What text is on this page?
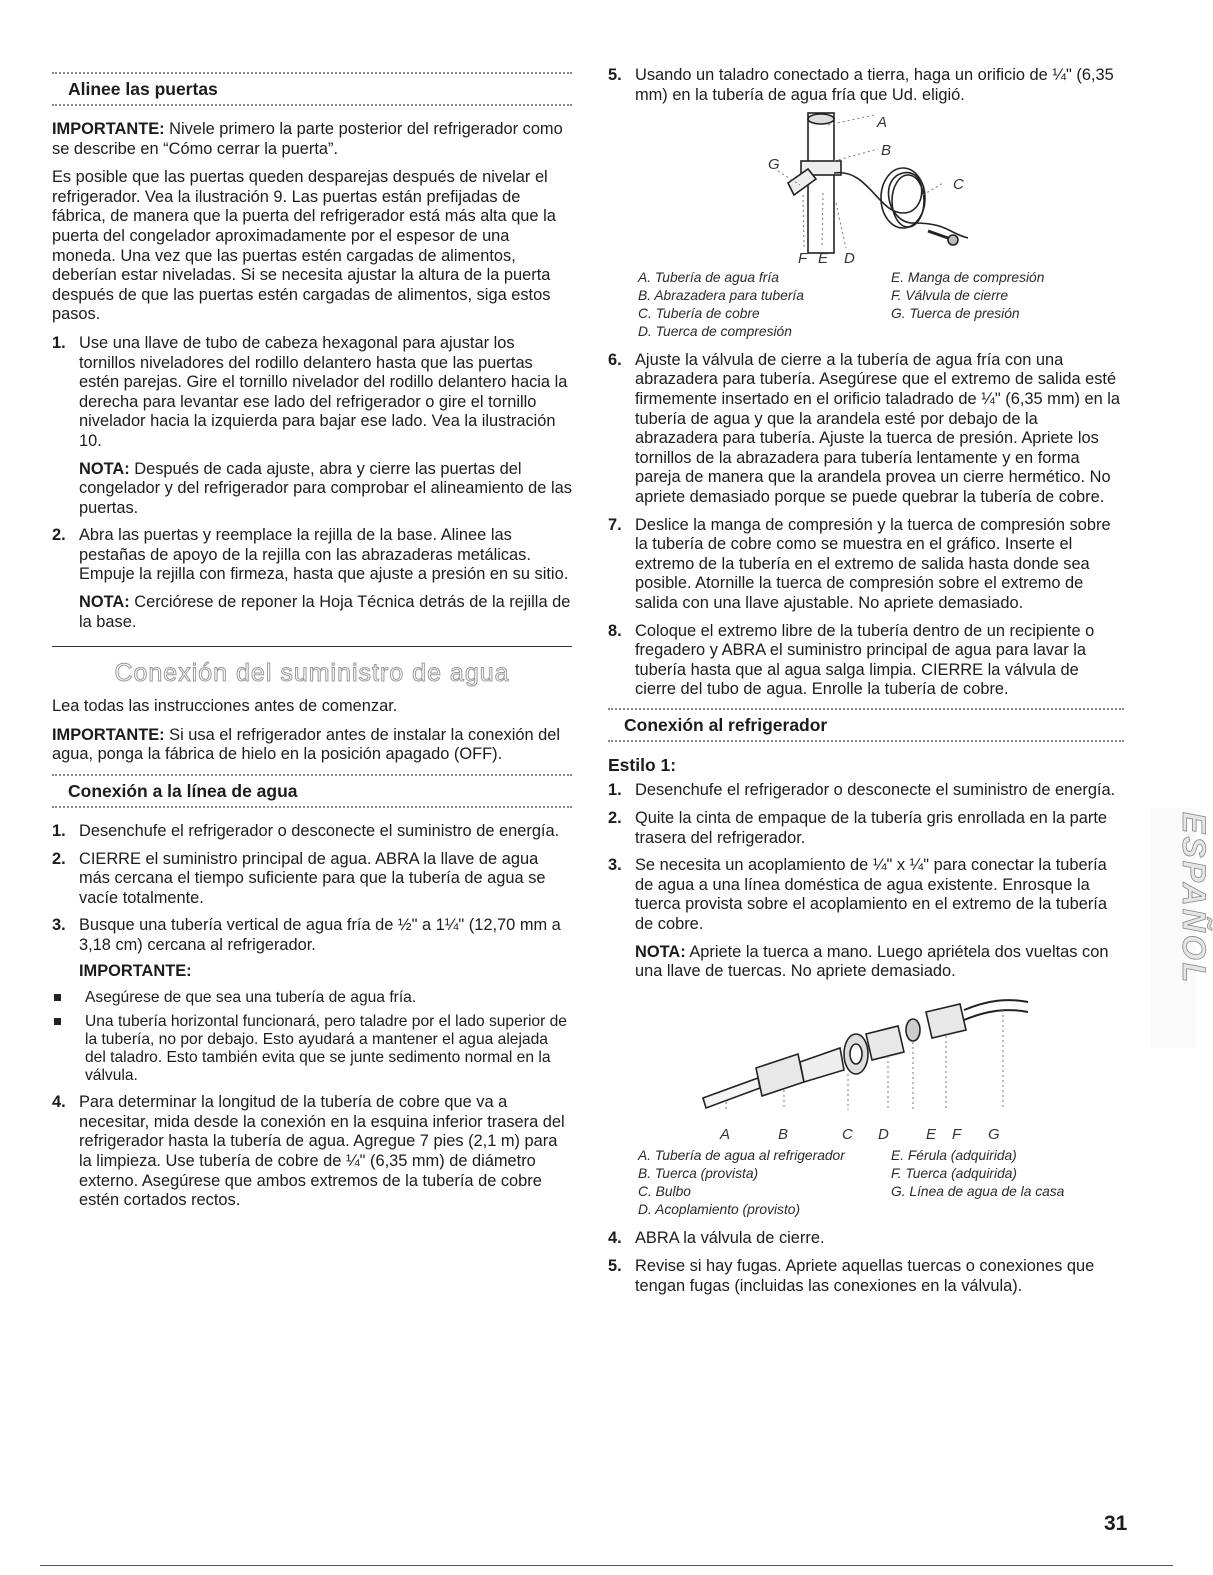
Alinee las puertas

IMPORTANTE: Nivele primero la parte posterior del refrigerador como se describe en “Cómo cerrar la puerta”.

Es posible que las puertas queden desparejas después de nivelar el refrigerador. Vea la ilustración 9. Las puertas están prefijadas de fábrica, de manera que la puerta del refrigerador está más alta que la puerta del congelador aproximadamente por el espesor de una moneda. Una vez que las puertas estén cargadas de alimentos, deberían estar niveladas. Si se necesita ajustar la altura de la puerta después de que las puertas estén cargadas de alimentos, siga estos pasos.

1. Use una llave de tubo de cabeza hexagonal para ajustar los tornillos niveladores del rodillo delantero hasta que las puertas estén parejas. Gire el tornillo nivelador del rodillo delantero hacia la derecha para levantar ese lado del refrigerador o gire el tornillo nivelador hacia la izquierda para bajar ese lado. Vea la ilustración 10.

NOTA: Después de cada ajuste, abra y cierre las puertas del congelador y del refrigerador para comprobar el alineamiento de las puertas.

2. Abra las puertas y reemplace la rejilla de la base. Alinee las pestañas de apoyo de la rejilla con las abrazaderas metálicas. Empuje la rejilla con firmeza, hasta que ajuste a presión en su sitio.

NOTA: Cerciórese de reponer la Hoja Técnica detrás de la rejilla de la base.

Conexión del suministro de agua

Lea todas las instrucciones antes de comenzar.

IMPORTANTE: Si usa el refrigerador antes de instalar la conexión del agua, ponga la fábrica de hielo en la posición apagado (OFF).

Conexión a la línea de agua
1. Desenchufe el refrigerador o desconecte el suministro de energía.
2. CIERRE el suministro principal de agua. ABRA la llave de agua más cercana el tiempo suficiente para que la tubería de agua se vacíe totalmente.
3. Busque una tubería vertical de agua fría de ½" a 1¼" (12,70 mm a 3,18 cm) cercana al refrigerador.
IMPORTANTE:
Asegúrese de que sea una tubería de agua fría.
Una tubería horizontal funcionará, pero taladre por el lado superior de la tubería, no por debajo. Esto ayudará a mantener el agua alejada del taladro. Esto también evita que se junte sedimento normal en la válvula.
4. Para determinar la longitud de la tubería de cobre que va a necesitar, mida desde la conexión en la esquina inferior trasera del refrigerador hasta la tubería de agua. Agregue 7 pies (2,1 m) para la limpieza. Use tubería de cobre de ¼" (6,35 mm) de diámetro externo. Asegúrese que ambos extremos de la tubería de cobre estén cortados rectos.
5. Usando un taladro conectado a tierra, haga un orificio de ¼" (6,35 mm) en la tubería de agua fría que Ud. eligió.
A
B
C
G
F E D
A. Tubería de agua fría	E. Manga de compresión
B. Abrazadera para tubería	F. Válvula de cierre
C. Tubería de cobre	G. Tuerca de presión
D. Tuerca de compresión
6. Ajuste la válvula de cierre a la tubería de agua fría con una abrazadera para tubería. Asegúrese que el extremo de salida esté firmemente insertado en el orificio taladrado de ¼" (6,35 mm) en la tubería de agua y que la arandela esté por debajo de la abrazadera para tubería. Ajuste la tuerca de presión. Apriete los tornillos de la abrazadera para tubería lentamente y en forma pareja de manera que la arandela provea un cierre hermético. No apriete demasiado porque se puede quebrar la tubería de cobre.
7. Deslice la manga de compresión y la tuerca de compresión sobre la tubería de cobre como se muestra en el gráfico. Inserte el extremo de la tubería en el extremo de salida hasta donde sea posible. Atornille la tuerca de compresión sobre el extremo de salida con una llave ajustable. No apriete demasiado.
8. Coloque el extremo libre de la tubería dentro de un recipiente o fregadero y ABRA el suministro principal de agua para lavar la tubería hasta que al agua salga limpia. CIERRE la válvula de cierre del tubo de agua. Enrolle la tubería de cobre.
Conexión al refrigerador
Estilo 1:
1. Desenchufe el refrigerador o desconecte el suministro de energía.
2. Quite la cinta de empaque de la tubería gris enrollada en la parte trasera del refrigerador.
3. Se necesita un acoplamiento de ¼" x ¼" para conectar la tubería de agua a una línea doméstica de agua existente. Enrosque la tuerca provista sobre el acoplamiento en el extremo de la tubería de cobre.

NOTA: Apriete la tuerca a mano. Luego apriételа dos vueltas con una llave de tuercas. No apriete demasiado.

A	B	C D E F G
A. Tubería de agua al refrigerador	E. Férula (adquirida)
B. Tuerca (provista)	F. Tuerca (adquirida)
C. Bulbo	G. Línea de agua de la casa
D. Acoplamiento (provisto)
4. ABRA la válvula de cierre.
5. Revise si hay fugas. Apriete aquellas tuercas o conexiones que tengan fugas (incluidas las conexiones en la válvula).
ESPAÑOL
31
